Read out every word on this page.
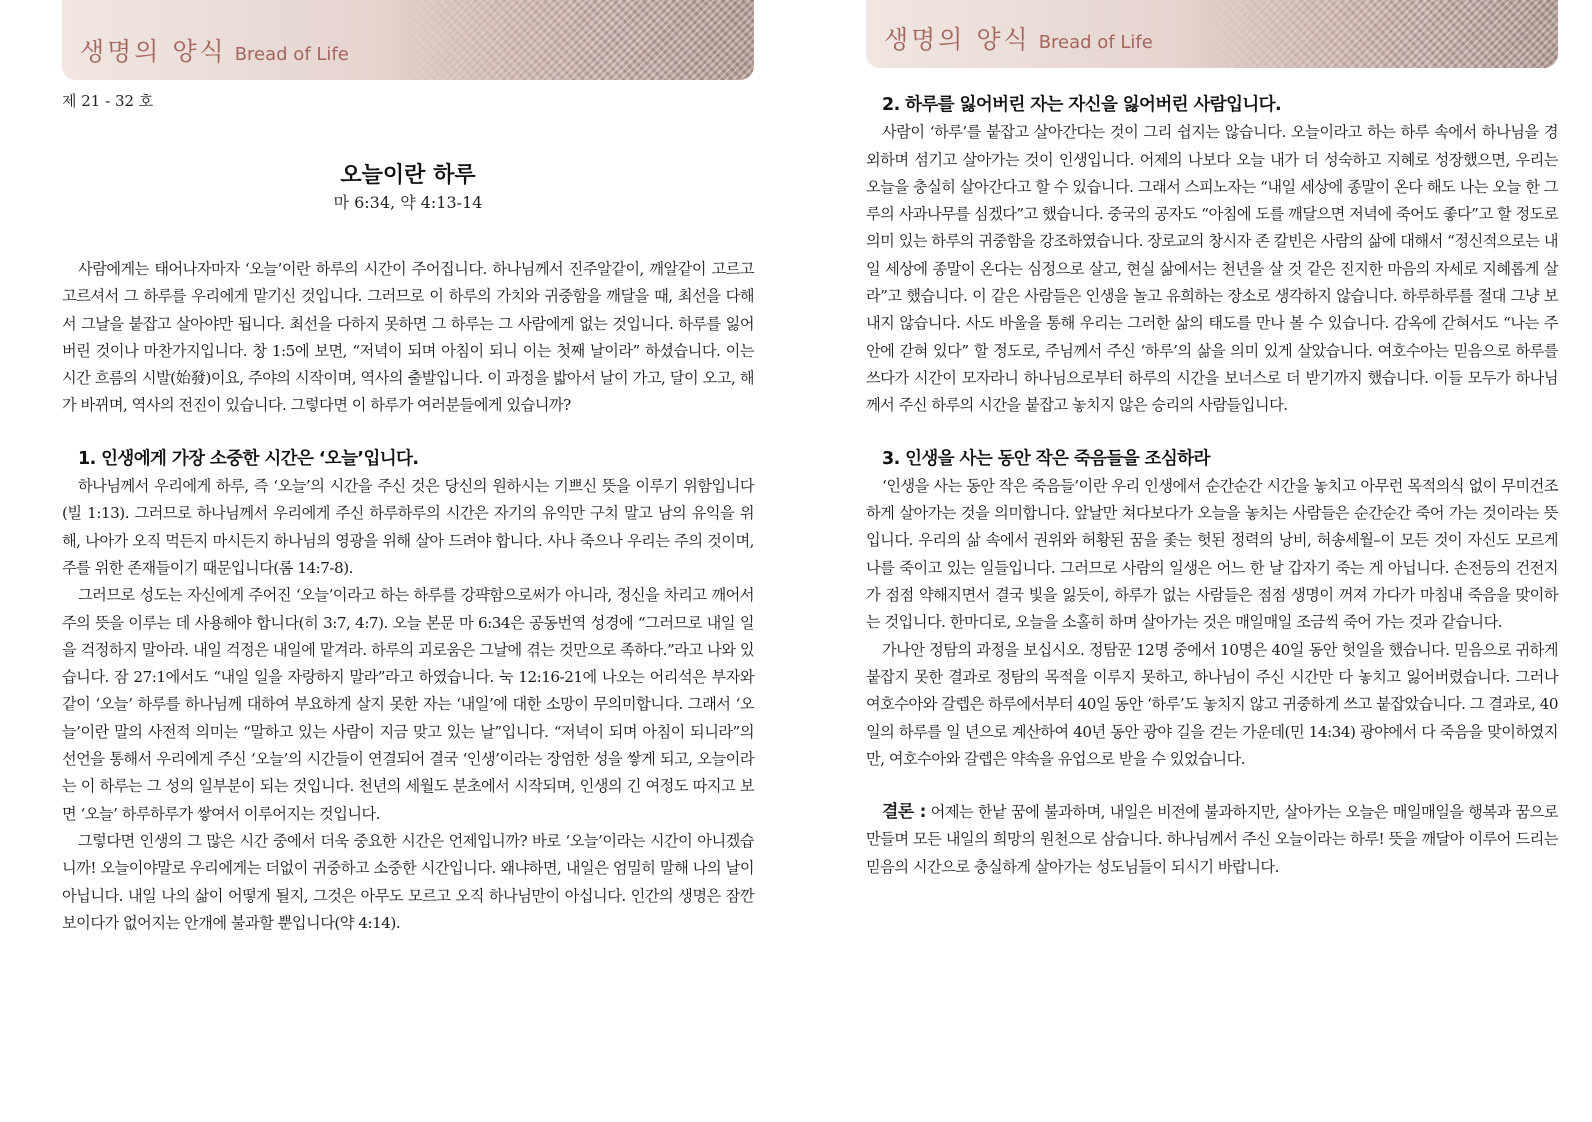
생명의 양식 Bread of Life
제 21 - 32 호
오늘이란 하루
마 6:34, 약 4:13-14

사람에게는 태어나자마자 ‘오늘’이란 하루의 시간이 주어집니다. 하나님께서 진주알같이, 깨알같이 고르고 고르셔서 그 하루를 우리에게 맡기신 것입니다. 그러므로 이 하루의 가치와 귀중함을 깨달을 때, 최선을 다해서 그날을 붙잡고 살아야만 됩니다. 최선을 다하지 못하면 그 하루는 그 사람에게 없는 것입니다. 하루를 잃어버린 것이나 마찬가지입니다. 창 1:5에 보면, “저녁이 되며 아침이 되니 이는 첫째 날이라” 하셨습니다. 이는 시간 흐름의 시발(始發)이요, 주야의 시작이며, 역사의 출발입니다. 이 과정을 밟아서 날이 가고, 달이 오고, 해가 바뀌며, 역사의 전진이 있습니다. 그렇다면 이 하루가 여러분들에게 있습니까?

1. 인생에게 가장 소중한 시간은 ‘오늘’입니다.

하나님께서 우리에게 하루, 즉 ‘오늘’의 시간을 주신 것은 당신의 원하시는 기쁘신 뜻을 이루기 위함입니다(빌 1:13). 그러므로 하나님께서 우리에게 주신 하루하루의 시간은 자기의 유익만 구치 말고 남의 유익을 위해, 나아가 오직 먹든지 마시든지 하나님의 영광을 위해 살아 드려야 합니다. 사나 죽으나 우리는 주의 것이며, 주를 위한 존재들이기 때문입니다(롬 14:7-8).

그러므로 성도는 자신에게 주어진 ‘오늘’이라고 하는 하루를 강퍅함으로써가 아니라, 정신을 차리고 깨어서 주의 뜻을 이루는 데 사용해야 합니다(히 3:7, 4:7). 오늘 본문 마 6:34은 공동번역 성경에 “그러므로 내일 일을 걱정하지 말아라. 내일 걱정은 내일에 맡겨라. 하루의 괴로움은 그날에 겪는 것만으로 족하다.”라고 나와 있습니다. 잠 27:1에서도 “내일 일을 자랑하지 말라”라고 하였습니다. 눅 12:16-21에 나오는 어리석은 부자와 같이 ‘오늘’ 하루를 하나님께 대하여 부요하게 살지 못한 자는 ‘내일’에 대한 소망이 무의미합니다. 그래서 ‘오늘’이란 말의 사전적 의미는 “말하고 있는 사람이 지금 맞고 있는 날”입니다. “저녁이 되며 아침이 되니라”의 선언을 통해서 우리에게 주신 ‘오늘’의 시간들이 연결되어 결국 ‘인생’이라는 장엄한 성을 쌓게 되고, 오늘이라는 이 하루는 그 성의 일부분이 되는 것입니다. 천년의 세월도 분초에서 시작되며, 인생의 긴 여정도 따지고 보면 ‘오늘’ 하루하루가 쌓여서 이루어지는 것입니다.

그렇다면 인생의 그 많은 시간 중에서 더욱 중요한 시간은 언제입니까? 바로 ‘오늘’이라는 시간이 아니겠습니까! 오늘이야말로 우리에게는 더없이 귀중하고 소중한 시간입니다. 왜냐하면, 내일은 엄밀히 말해 나의 날이 아닙니다. 내일 나의 삶이 어떻게 될지, 그것은 아무도 모르고 오직 하나님만이 아십니다. 인간의 생명은 잠깐 보이다가 없어지는 안개에 불과할 뿐입니다(약 4:14).

생명의 양식 Bread of Life
2. 하루를 잃어버린 자는 자신을 잃어버린 사람입니다.

사람이 ‘하루’를 붙잡고 살아간다는 것이 그리 쉽지는 않습니다. 오늘이라고 하는 하루 속에서 하나님을 경외하며 섬기고 살아가는 것이 인생입니다. 어제의 나보다 오늘 내가 더 성숙하고 지혜로 성장했으면, 우리는 오늘을 충실히 살아간다고 할 수 있습니다. 그래서 스피노자는 “내일 세상에 종말이 온다 해도 나는 오늘 한 그루의 사과나무를 심겠다”고 했습니다. 중국의 공자도 “아침에 도를 깨달으면 저녁에 죽어도 좋다”고 할 정도로 의미 있는 하루의 귀중함을 강조하였습니다. 장로교의 창시자 존 칼빈은 사람의 삶에 대해서 “정신적으로는 내일 세상에 종말이 온다는 심정으로 살고, 현실 삶에서는 천년을 살 것 같은 진지한 마음의 자세로 지혜롭게 살라”고 했습니다. 이 같은 사람들은 인생을 놀고 유희하는 장소로 생각하지 않습니다. 하루하루를 절대 그냥 보내지 않습니다. 사도 바울을 통해 우리는 그러한 삶의 태도를 만나 볼 수 있습니다. 감옥에 갇혀서도 “나는 주 안에 갇혀 있다” 할 정도로, 주님께서 주신 ‘하루’의 삶을 의미 있게 살았습니다. 여호수아는 믿음으로 하루를 쓰다가 시간이 모자라니 하나님으로부터 하루의 시간을 보너스로 더 받기까지 했습니다. 이들 모두가 하나님께서 주신 하루의 시간을 붙잡고 놓치지 않은 승리의 사람들입니다.

3. 인생을 사는 동안 작은 죽음들을 조심하라

‘인생을 사는 동안 작은 죽음들’이란 우리 인생에서 순간순간 시간을 놓치고 아무런 목적의식 없이 무미건조하게 살아가는 것을 의미합니다. 앞날만 쳐다보다가 오늘을 놓치는 사람들은 순간순간 죽어 가는 것이라는 뜻입니다. 우리의 삶 속에서 권위와 허황된 꿈을 좇는 헛된 정력의 낭비, 허송세월–이 모든 것이 자신도 모르게 나를 죽이고 있는 일들입니다. 그러므로 사람의 일생은 어느 한 날 갑자기 죽는 게 아닙니다. 손전등의 건전지가 점점 약해지면서 결국 빛을 잃듯이, 하루가 없는 사람들은 점점 생명이 꺼져 가다가 마침내 죽음을 맞이하는 것입니다. 한마디로, 오늘을 소홀히 하며 살아가는 것은 매일매일 조금씩 죽어 가는 것과 같습니다.

가나안 정탐의 과정을 보십시오. 정탐꾼 12명 중에서 10명은 40일 동안 헛일을 했습니다. 믿음으로 귀하게 붙잡지 못한 결과로 정탐의 목적을 이루지 못하고, 하나님이 주신 시간만 다 놓치고 잃어버렸습니다. 그러나 여호수아와 갈렙은 하루에서부터 40일 동안 ‘하루’도 놓치지 않고 귀중하게 쓰고 붙잡았습니다. 그 결과로, 40일의 하루를 일 년으로 계산하여 40년 동안 광야 길을 걷는 가운데(민 14:34) 광야에서 다 죽음을 맞이하였지만, 여호수아와 갈렙은 약속을 유업으로 받을 수 있었습니다.

결론 : 어제는 한낱 꿈에 불과하며, 내일은 비전에 불과하지만, 살아가는 오늘은 매일매일을 행복과 꿈으로 만들며 모든 내일의 희망의 원천으로 삼습니다. 하나님께서 주신 오늘이라는 하루! 뜻을 깨달아 이루어 드리는 믿음의 시간으로 충실하게 살아가는 성도님들이 되시기 바랍니다.
